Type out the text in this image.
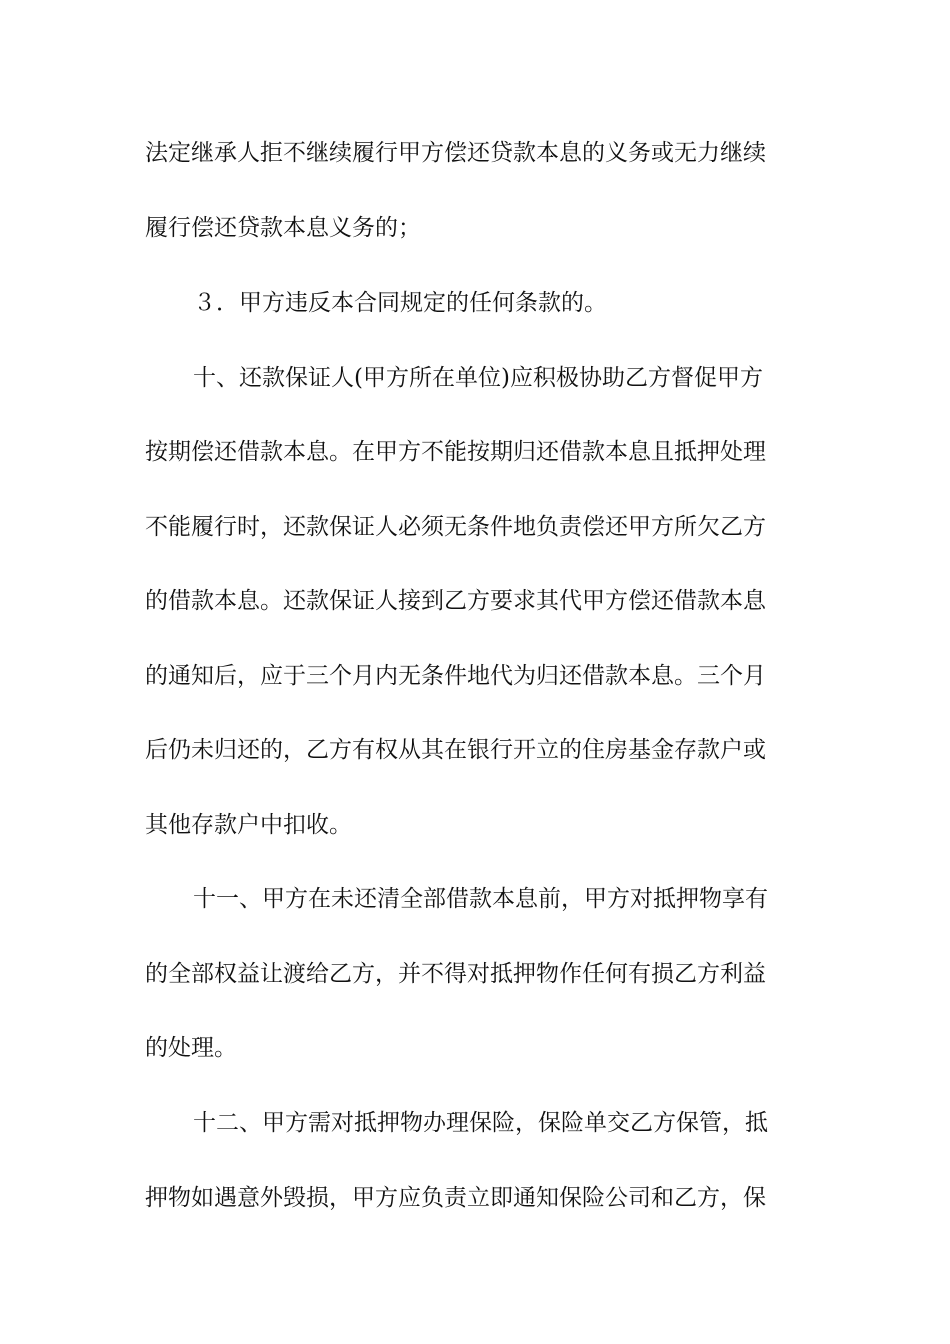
法定继承人拒不继续履行甲方偿还贷款本息的义务或无力继续
履行偿还贷款本息义务的；
３．甲方违反本合同规定的任何条款的。
十、还款保证人(甲方所在单位)应积极协助乙方督促甲方
按期偿还借款本息。在甲方不能按期归还借款本息且抵押处理
不能履行时，还款保证人必须无条件地负责偿还甲方所欠乙方
的借款本息。还款保证人接到乙方要求其代甲方偿还借款本息
的通知后，应于三个月内无条件地代为归还借款本息。三个月
后仍未归还的，乙方有权从其在银行开立的住房基金存款户或
其他存款户中扣收。
十一、甲方在未还清全部借款本息前，甲方对抵押物享有
的全部权益让渡给乙方，并不得对抵押物作任何有损乙方利益
的处理。
十二、甲方需对抵押物办理保险，保险单交乙方保管，抵
押物如遇意外毁损，甲方应负责立即通知保险公司和乙方，保
